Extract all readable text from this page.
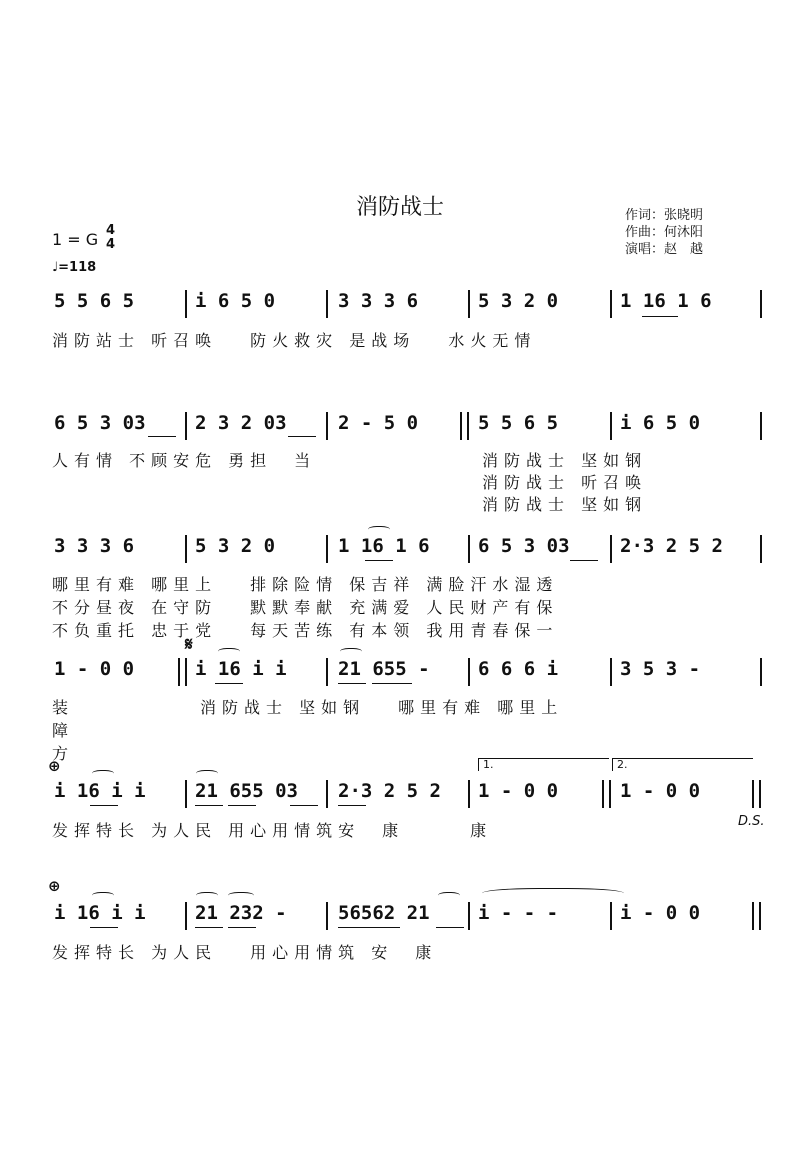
消防战士	作词：张晓明
作曲：何沐阳
演唱：赵　越
1 = G 4
4
♩=118
5 5 6 5	i 6 5 0	3 3 3 6	5 3 2 0	1 16 1 6
消防站士 听召唤　 防火救灾 是战场　 水火无情
6 5 3 03	2 3 2 03	2 - 5 0	5 5 6 5	i 6 5 0
人有情 不顾安危 勇担　当	消防战士 坚如钢
消防战士 听召唤
消防战士 坚如钢
3 3 3 6	5 3 2 0	1 16 1 6	6 5 3 03	2·3 2 5 2
哪里有难 哪里上　 排除险情 保吉祥 满脸汗水湿透
不分昼夜 在守防　 默默奉献 充满爱 人民财产有保
不负重托 忠于党　 每天苦练 有本领 我用青春保一
𝄋
1 - 0 0	i 16 i i	21 655 -	6 6 6 i	3 5 3 -
装
障
方
消防战士 坚如钢　 哪里有难 哪里上
⊕	1.	2.
i 16 i i	21 655 03 2·3 2 5 2 1 - 0 0	1 - 0 0
发挥特长 为人民 用心用情筑安　康　　　康	D.S.
⊕
i 16 i i	21 232 -	56562 21	i - - -	i - 0 0
发挥特长 为人民　 用心用情筑 安　康
